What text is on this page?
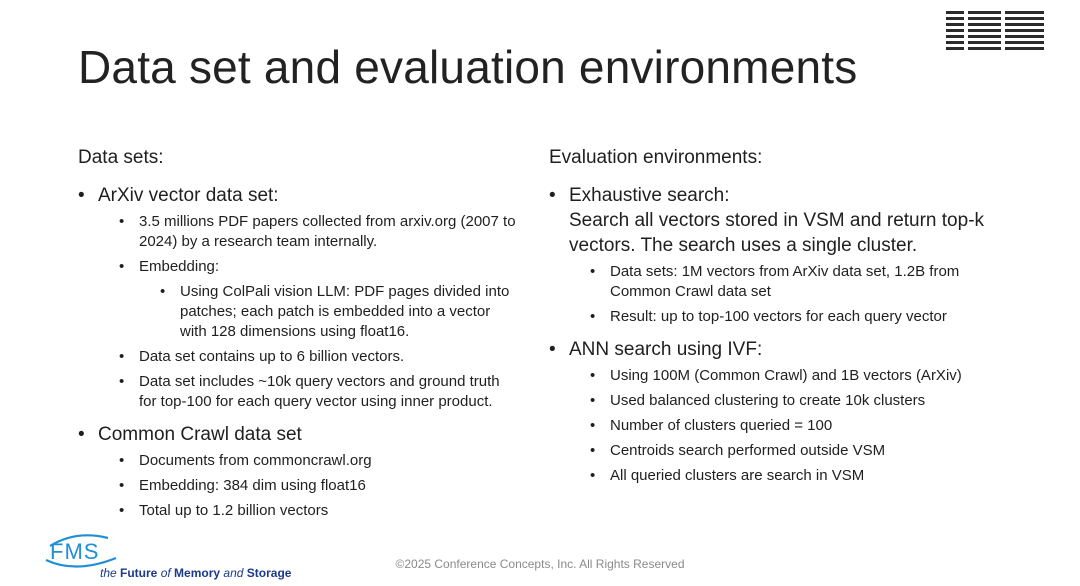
Data set and evaluation environments
Data sets:
• ArXiv vector data set:
• 3.5 millions PDF papers collected from arxiv.org (2007 to 2024) by a research team internally.
• Embedding:
• Using ColPali vision LLM: PDF pages divided into patches; each patch is embedded into a vector with 128 dimensions using float16.
• Data set contains up to 6 billion vectors.
• Data set includes ~10k query vectors and ground truth for top-100 for each query vector using inner product.
• Common Crawl data set
• Documents from commoncrawl.org
• Embedding: 384 dim using float16
• Total up to 1.2 billion vectors
Evaluation environments:
• Exhaustive search:
Search all vectors stored in VSM and return top-k vectors. The search uses a single cluster.
• Data sets: 1M vectors from ArXiv data set, 1.2B from Common Crawl data set
• Result: up to top-100 vectors for each query vector
• ANN search using IVF:
• Using 100M (Common Crawl) and 1B vectors (ArXiv)
• Used balanced clustering to create 10k clusters
• Number of clusters queried = 100
• Centroids search performed outside VSM
• All queried clusters are search in VSM
FMS
the Future of Memory and Storage
©2025 Conference Concepts, Inc. All Rights Reserved
